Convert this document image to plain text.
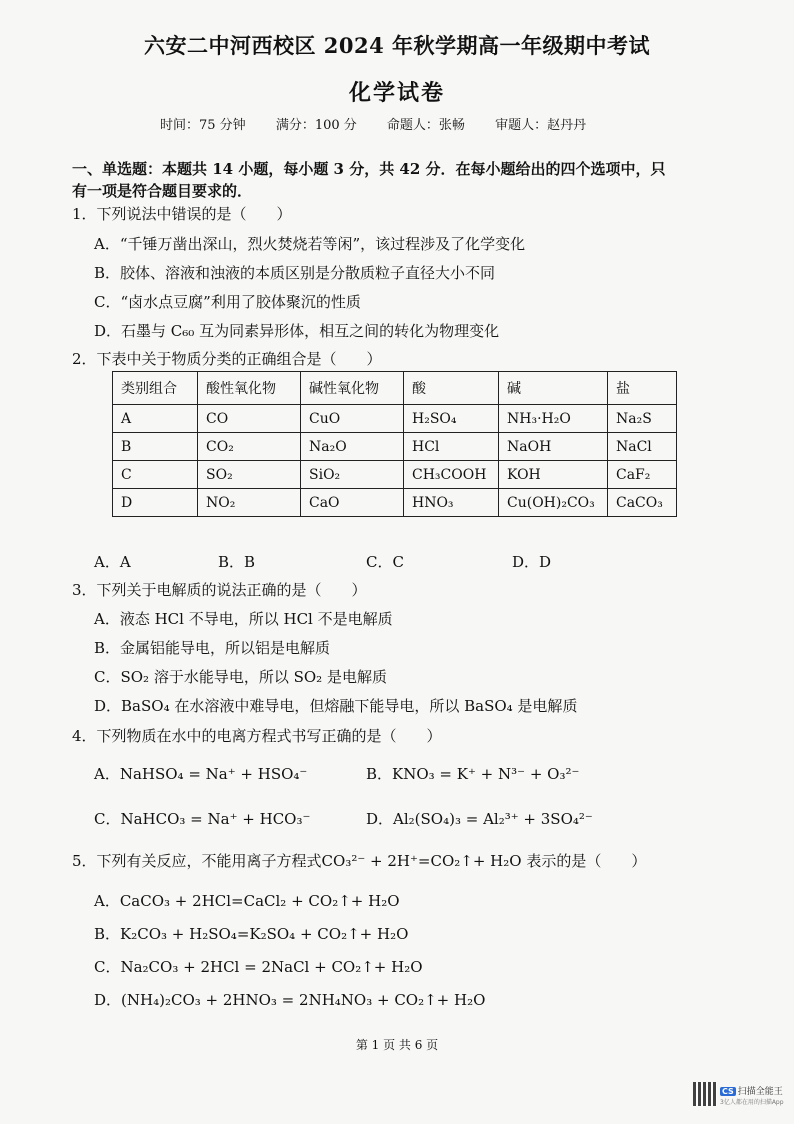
六安二中河西校区 2024 年秋学期高一年级期中考试
化学试卷
时间：75 分钟 满分：100 分 命题人：张畅 审题人：赵丹丹
一、单选题：本题共 14 小题，每小题 3 分，共 42 分．在每小题给出的四个选项中，只
有一项是符合题目要求的．
1．下列说法中错误的是（　　）
A．“千锤万凿出深山，烈火焚烧若等闲”，该过程涉及了化学变化
B．胶体、溶液和浊液的本质区别是分散质粒子直径大小不同
C．“卤水点豆腐”利用了胶体聚沉的性质
D．石墨与 C₆₀ 互为同素异形体，相互之间的转化为物理变化
2．下表中关于物质分类的正确组合是（　　）
类别组合	酸性氧化物	碱性氧化物	酸	碱	盐
A	CO	CuO	H₂SO₄	NH₃·H₂O	Na₂S
B	CO₂	Na₂O	HCl	NaOH	NaCl
C	SO₂	SiO₂	CH₃COOH	KOH	CaF₂
D	NO₂	CaO	HNO₃	Cu(OH)₂CO₃	CaCO₃
A．A	B．B	C．C	D．D
3．下列关于电解质的说法正确的是（　　）
A．液态 HCl 不导电，所以 HCl 不是电解质
B．金属铝能导电，所以铝是电解质
C．SO₂ 溶于水能导电，所以 SO₂ 是电解质
D．BaSO₄ 在水溶液中难导电，但熔融下能导电，所以 BaSO₄ 是电解质
4．下列物质在水中的电离方程式书写正确的是（　　）
A．NaHSO₄ = Na⁺ + HSO₄⁻	B．KNO₃ = K⁺ + N³⁻ + O₃²⁻
C．NaHCO₃ = Na⁺ + HCO₃⁻	D．Al₂(SO₄)₃ = Al₂³⁺ + 3SO₄²⁻
5．下列有关反应，不能用离子方程式CO₃²⁻ + 2H⁺=CO₂↑+ H₂O 表示的是（　　）
A．CaCO₃ + 2HCl=CaCl₂ + CO₂↑+ H₂O
B．K₂CO₃ + H₂SO₄=K₂SO₄ + CO₂↑+ H₂O
C．Na₂CO₃ + 2HCl = 2NaCl + CO₂↑+ H₂O
D．(NH₄)₂CO₃ + 2HNO₃ = 2NH₄NO₃ + CO₂↑+ H₂O
第 1 页 共 6 页
CS 扫描全能王
3亿人都在用的扫描App
